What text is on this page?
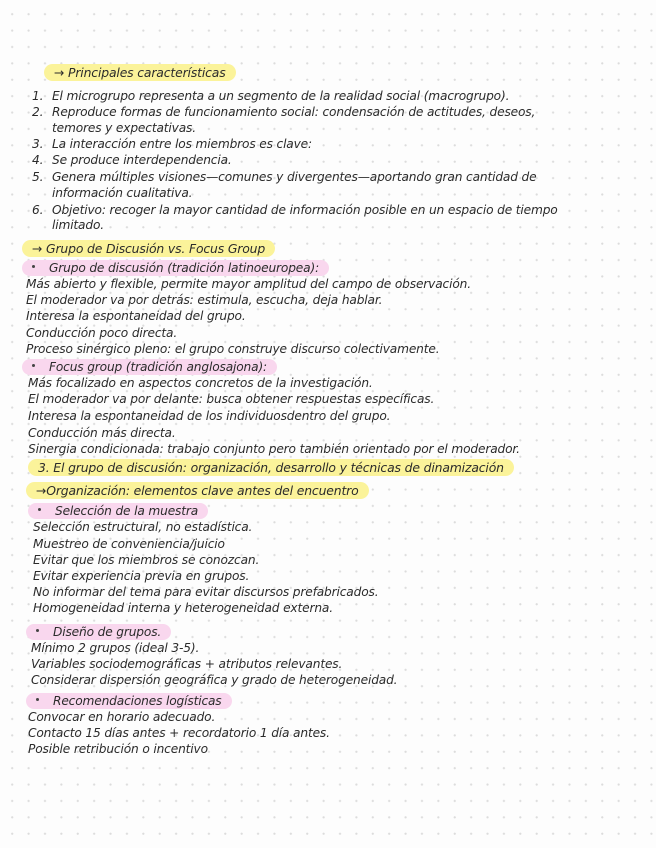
→ Principales características
1. El microgrupo representa a un segmento de la realidad social (macrogrupo).
2. Reproduce formas de funcionamiento social: condensación de actitudes, deseos,
temores y expectativas.
3. La interacción entre los miembros es clave:
4. Se produce interdependencia.
5. Genera múltiples visiones—comunes y divergentes—aportando gran cantidad de
información cualitativa.
6. Objetivo: recoger la mayor cantidad de información posible en un espacio de tiempo
limitado.
→ Grupo de Discusión vs. Focus Group
Grupo de discusión (tradición latinoeuropea):
Más abierto y flexible, permite mayor amplitud del campo de observación.
El moderador va por detrás: estimula, escucha, deja hablar.
Interesa la espontaneidad del grupo.
Conducción poco directa.
Proceso sinérgico pleno: el grupo construye discurso colectivamente.
Focus group (tradición anglosajona):
Más focalizado en aspectos concretos de la investigación.
El moderador va por delante: busca obtener respuestas específicas.
Interesa la espontaneidad de los individuosdentro del grupo.
Conducción más directa.
Sinergia condicionada: trabajo conjunto pero también orientado por el moderador.
3. El grupo de discusión: organización, desarrollo y técnicas de dinamización
→Organización: elementos clave antes del encuentro
Selección de la muestra
Selección estructural, no estadística.
Muestreo de conveniencia/juicio
Evitar que los miembros se conozcan.
Evitar experiencia previa en grupos.
No informar del tema para evitar discursos prefabricados.
Homogeneidad interna y heterogeneidad externa.
Diseño de grupos.
Mínimo 2 grupos (ideal 3-5).
Variables sociodemográficas + atributos relevantes.
Considerar dispersión geográfica y grado de heterogeneidad.
Recomendaciones logísticas
Convocar en horario adecuado.
Contacto 15 días antes + recordatorio 1 día antes.
Posible retribución o incentivo
